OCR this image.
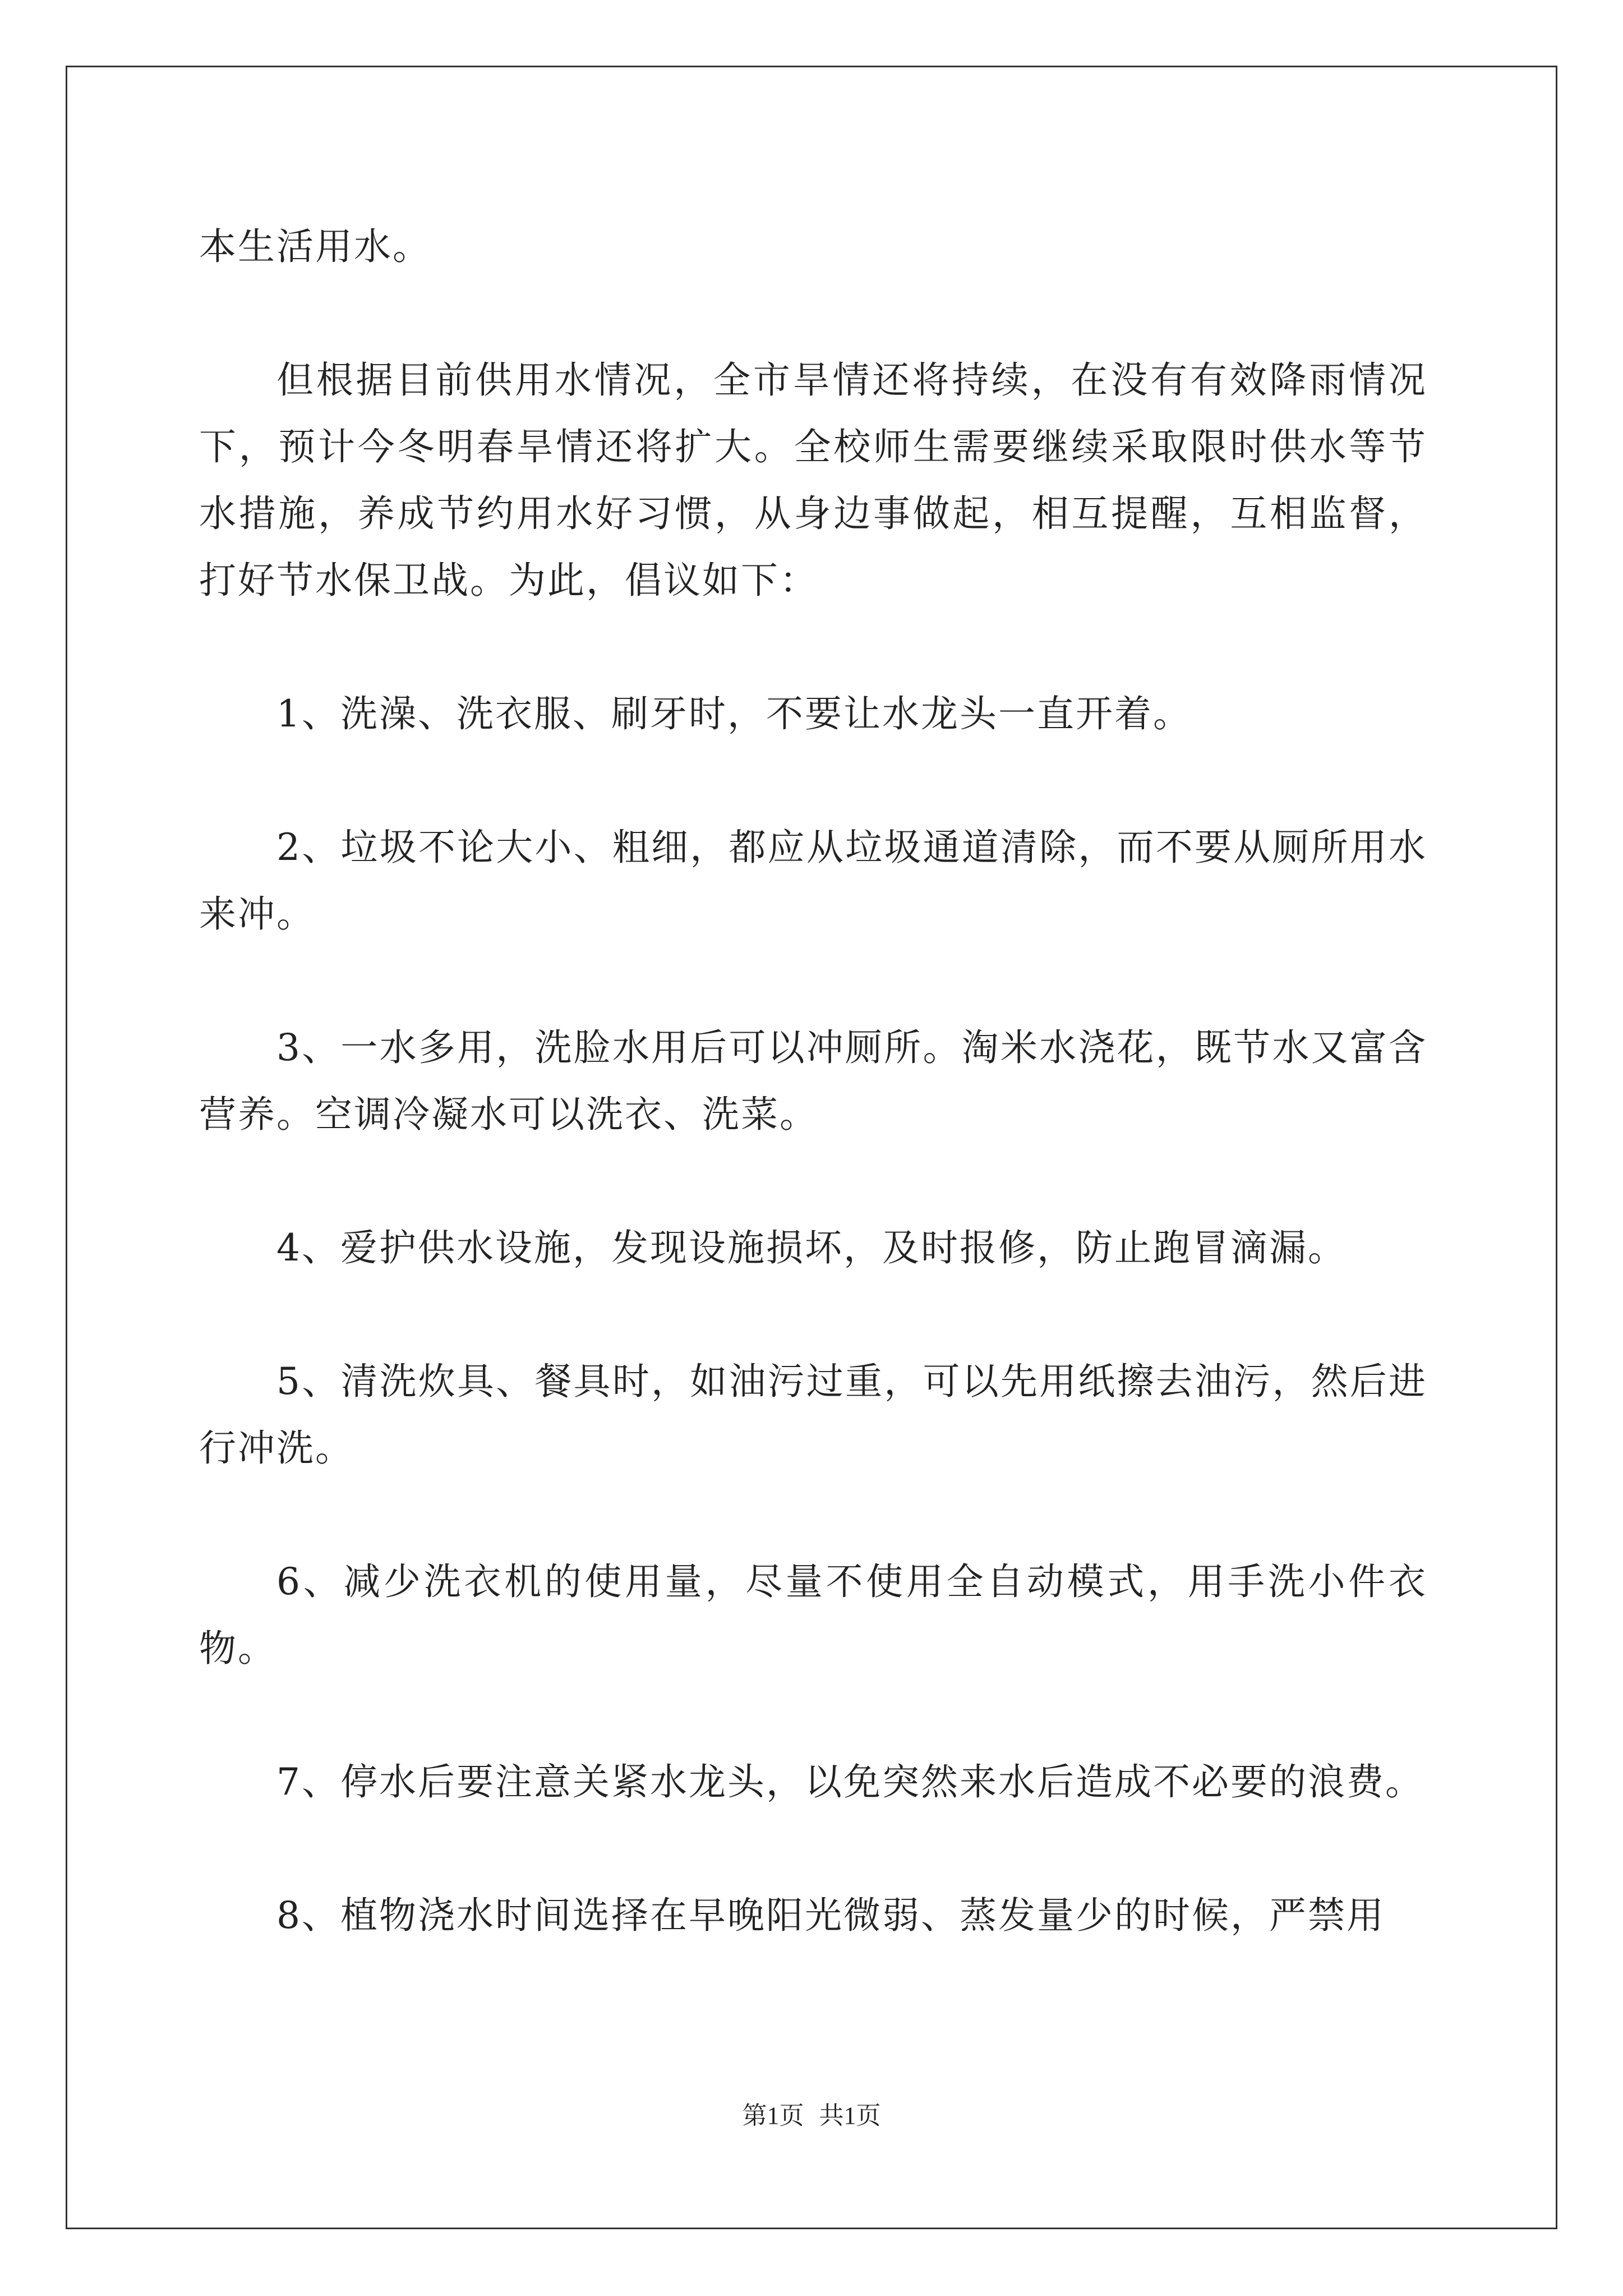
本生活用水。

但根据目前供用水情况，全市旱情还将持续，在没有有效降雨情况下，预计今冬明春旱情还将扩大。全校师生需要继续采取限时供水等节水措施，养成节约用水好习惯，从身边事做起，相互提醒，互相监督，打好节水保卫战。为此，倡议如下：

1、洗澡、洗衣服、刷牙时，不要让水龙头一直开着。

2、垃圾不论大小、粗细，都应从垃圾通道清除，而不要从厕所用水来冲。

3、一水多用，洗脸水用后可以冲厕所。淘米水浇花，既节水又富含营养。空调冷凝水可以洗衣、洗菜。

4、爱护供水设施，发现设施损坏，及时报修，防止跑冒滴漏。

5、清洗炊具、餐具时，如油污过重，可以先用纸擦去油污，然后进行冲洗。

6、减少洗衣机的使用量，尽量不使用全自动模式，用手洗小件衣物。

7、停水后要注意关紧水龙头，以免突然来水后造成不必要的浪费。

8、植物浇水时间选择在早晚阳光微弱、蒸发量少的时候，严禁用

第1页 共1页
